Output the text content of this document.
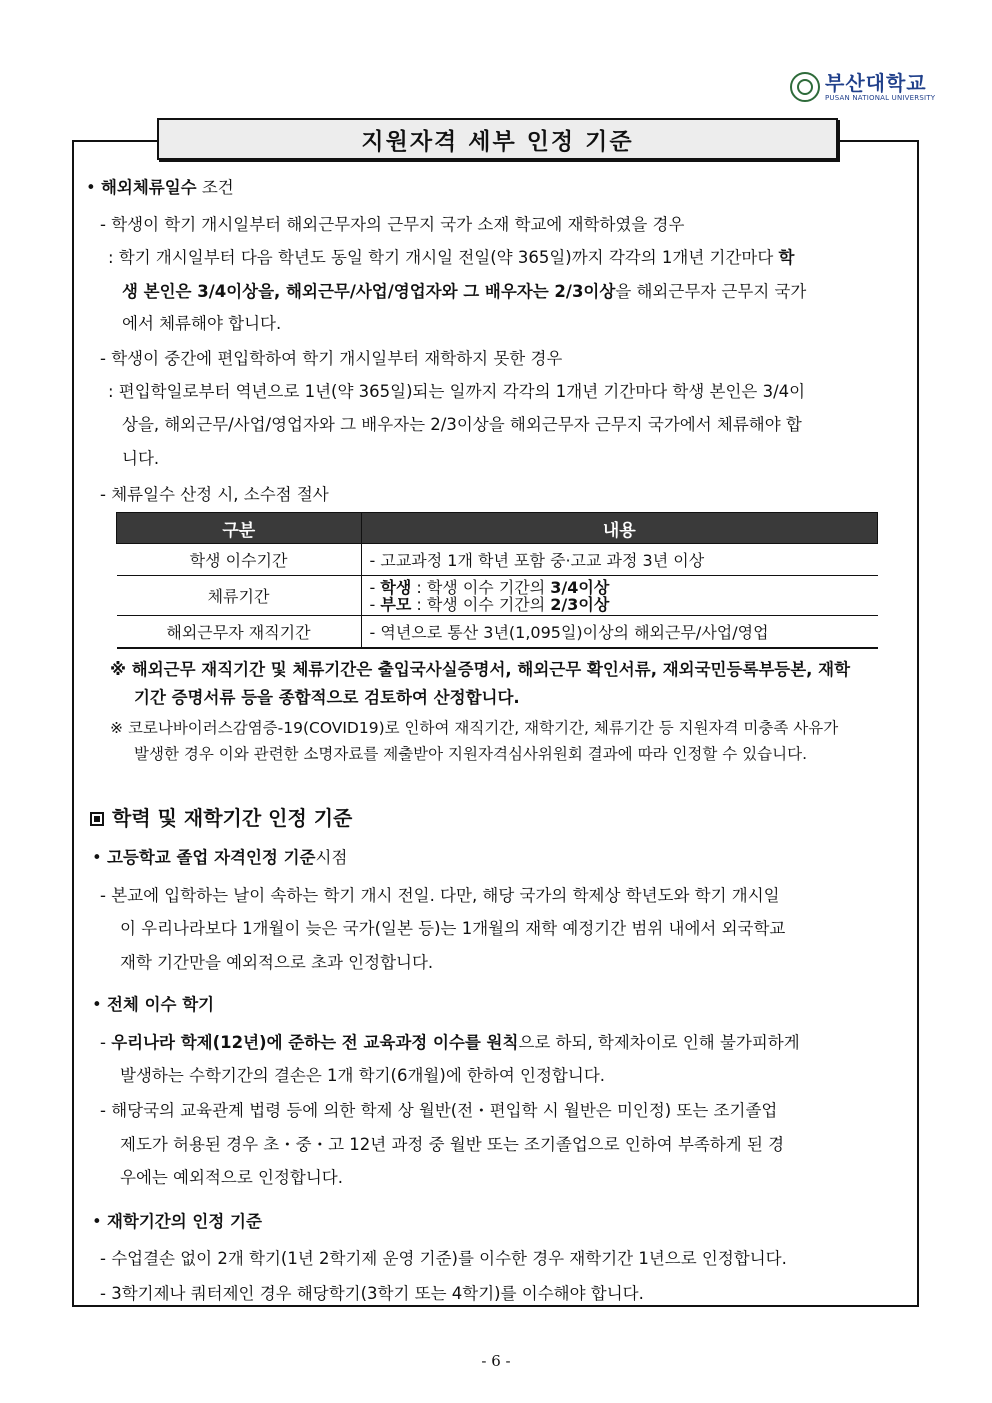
부산대학교
PUSAN NATIONAL UNIVERSITY
지원자격 세부 인정 기준
• 해외체류일수 조건
- 학생이 학기 개시일부터 해외근무자의 근무지 국가 소재 학교에 재학하였을 경우
: 학기 개시일부터 다음 학년도 동일 학기 개시일 전일(약 365일)까지 각각의 1개년 기간마다 학
생 본인은 3/4이상을, 해외근무/사업/영업자와 그 배우자는 2/3이상을 해외근무자 근무지 국가
에서 체류해야 합니다.
- 학생이 중간에 편입학하여 학기 개시일부터 재학하지 못한 경우
: 편입학일로부터 역년으로 1년(약 365일)되는 일까지 각각의 1개년 기간마다 학생 본인은 3/4이
상을, 해외근무/사업/영업자와 그 배우자는 2/3이상을 해외근무자 근무지 국가에서 체류해야 합
니다.
- 체류일수 산정 시, 소수점 절사
구분	내용
학생 이수기간	- 고교과정 1개 학년 포함 중·고교 과정 3년 이상
체류기간	- 학생 : 학생 이수 기간의 3/4이상
- 부모 : 학생 이수 기간의 2/3이상

해외근무자 재직기간	- 역년으로 통산 3년(1,095일)이상의 해외근무/사업/영업
※ 해외근무 재직기간 및 체류기간은 출입국사실증명서, 해외근무 확인서류, 재외국민등록부등본, 재학
기간 증명서류 등을 종합적으로 검토하여 산정합니다.
※ 코로나바이러스감염증-19(COVID19)로 인하여 재직기간, 재학기간, 체류기간 등 지원자격 미충족 사유가
발생한 경우 이와 관련한 소명자료를 제출받아 지원자격심사위원회 결과에 따라 인정할 수 있습니다.
학력 및 재학기간 인정 기준
• 고등학교 졸업 자격인정 기준시점
- 본교에 입학하는 날이 속하는 학기 개시 전일. 다만, 해당 국가의 학제상 학년도와 학기 개시일
이 우리나라보다 1개월이 늦은 국가(일본 등)는 1개월의 재학 예정기간 범위 내에서 외국학교
재학 기간만을 예외적으로 초과 인정합니다.
• 전체 이수 학기
- 우리나라 학제(12년)에 준하는 전 교육과정 이수를 원칙으로 하되, 학제차이로 인해 불가피하게
발생하는 수학기간의 결손은 1개 학기(6개월)에 한하여 인정합니다.
- 해당국의 교육관계 법령 등에 의한 학제 상 월반(전・편입학 시 월반은 미인정) 또는 조기졸업
제도가 허용된 경우 초・중・고 12년 과정 중 월반 또는 조기졸업으로 인하여 부족하게 된 경
우에는 예외적으로 인정합니다.
• 재학기간의 인정 기준
- 수업결손 없이 2개 학기(1년 2학기제 운영 기준)를 이수한 경우 재학기간 1년으로 인정합니다.
- 3학기제나 쿼터제인 경우 해당학기(3학기 또는 4학기)를 이수해야 합니다.
- 6 -
